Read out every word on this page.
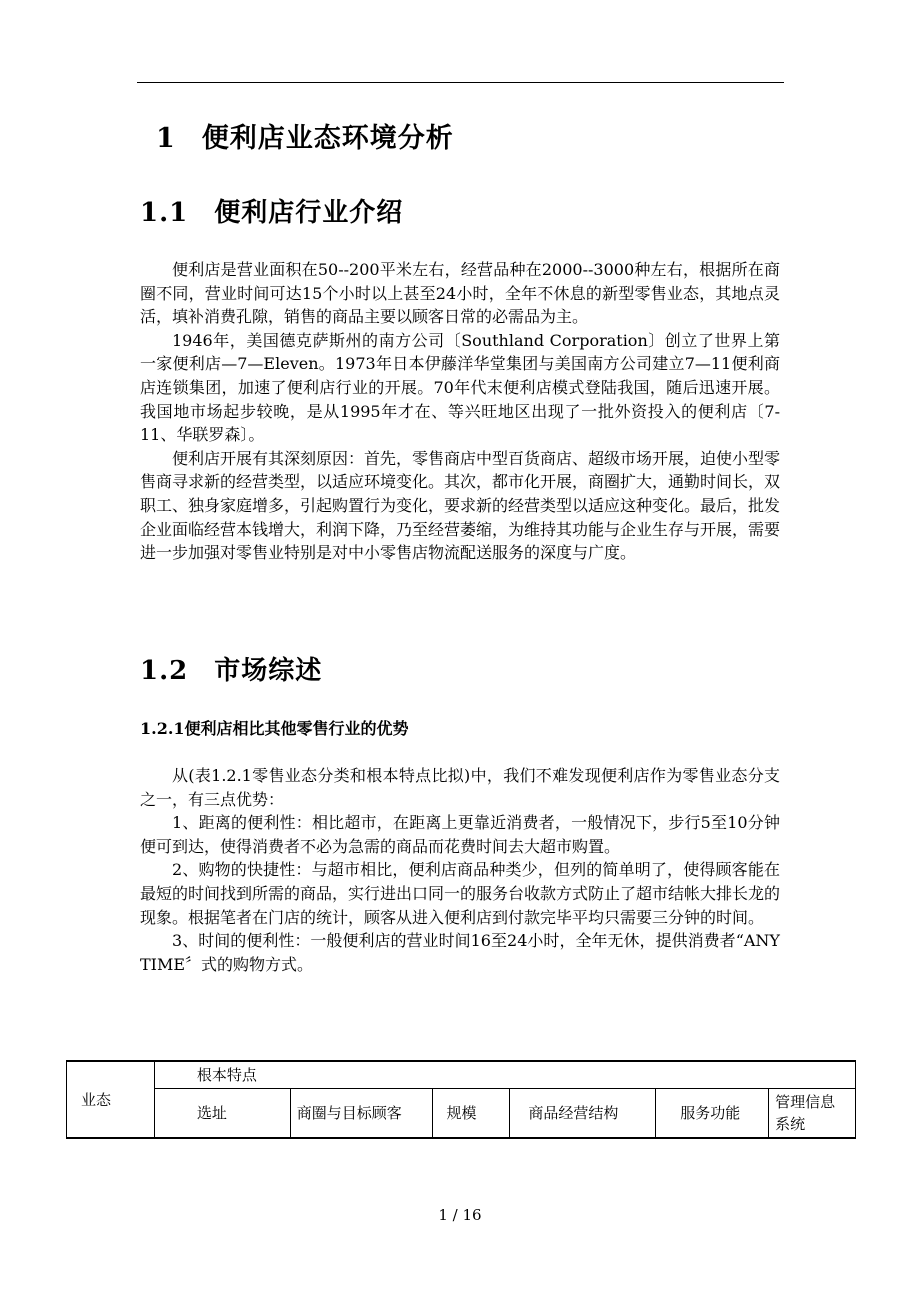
1 便利店业态环境分析
1.1 便利店行业介绍

便利店是营业面积在50--200平米左右，经营品种在2000--3000种左右，根据所在商圈不同，营业时间可达15个小时以上甚至24小时，全年不休息的新型零售业态，其地点灵活，填补消费孔隙，销售的商品主要以顾客日常的必需品为主。

1946年，美国德克萨斯州的南方公司〔Southland Corporation〕创立了世界上第一家便利店—7—Eleven。1973年日本伊藤洋华堂集团与美国南方公司建立7—11便利商店连锁集团，加速了便利店行业的开展。70年代末便利店模式登陆我国，随后迅速开展。我国地市场起步较晚，是从1995年才在、等兴旺地区出现了一批外资投入的便利店〔7-11、华联罗森〕。

便利店开展有其深刻原因：首先，零售商店中型百货商店、超级市场开展，迫使小型零售商寻求新的经营类型，以适应环境变化。其次，都市化开展，商圈扩大，通勤时间长，双职工、独身家庭增多，引起购置行为变化，要求新的经营类型以适应这种变化。最后，批发企业面临经营本钱增大，利润下降，乃至经营萎缩，为维持其功能与企业生存与开展，需要进一步加强对零售业特别是对中小零售店物流配送服务的深度与广度。

1.2 市场综述
1.2.1便利店相比其他零售行业的优势

从(表1.2.1零售业态分类和根本特点比拟)中，我们不难发现便利店作为零售业态分支之一，有三点优势：

1、距离的便利性：相比超市，在距离上更靠近消费者，一般情况下，步行5至10分钟便可到达，使得消费者不必为急需的商品而花费时间去大超市购置。

2、购物的快捷性：与超市相比，便利店商品种类少，但列的简单明了，使得顾客能在最短的时间找到所需的商品，实行进出口同一的服务台收款方式防止了超市结帐大排长龙的现象。根据笔者在门店的统计，顾客从进入便利店到付款完毕平均只需要三分钟的时间。

3、时间的便利性：一般便利店的营业时间16至24小时，全年无休，提供消费者“ANY TIME〞式的购物方式。

业态	根本特点					
	选址	商圈与目标顾客	规模	商品经营结构	服务功能	管理信息系统
1 / 16
